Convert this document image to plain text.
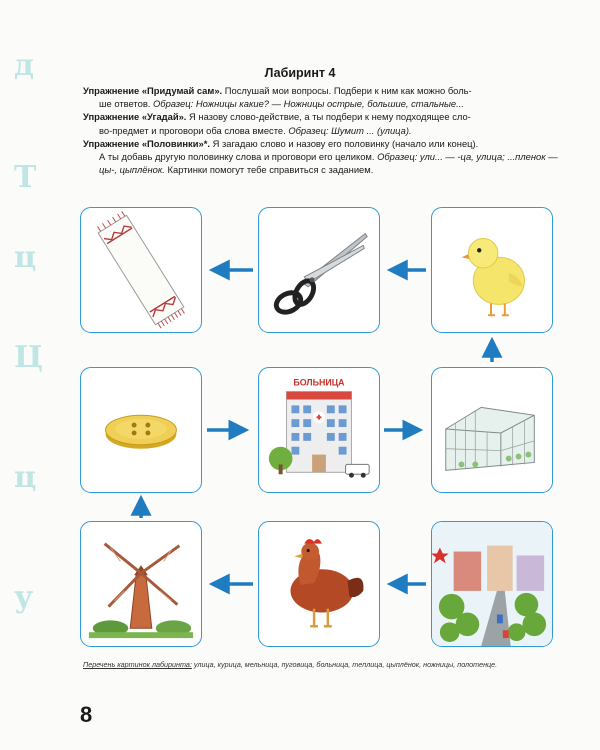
д
Т
ц
Ц
ц
у
Лабиринт 4

Упражнение «Придумай сам». Послушай мои вопросы. Подбери к ним как можно боль-
ше ответов. Образец: Ножницы какие? — Ножницы острые, большие, стальные...

Упражнение «Угадай». Я назову слово-действие, а ты подбери к нему подходящее сло-
во-предмет и проговори оба слова вместе. Образец: Шумит ... (улица).

Упражнение «Половинки»*. Я загадаю слово и назову его половинку (начало или конец).
А ты добавь другую половинку слова и проговори его целиком. Образец: ули... — -ца, улица; ...пленок — цы-, цыплёнок. Картинки помогут тебе справиться с заданием.

БОЛЬНИЦА
Перечень картинок лабиринта: улица, курица, мельница, пуговица, больница, теплица, цыплёнок, ножницы, полотенце.
8
